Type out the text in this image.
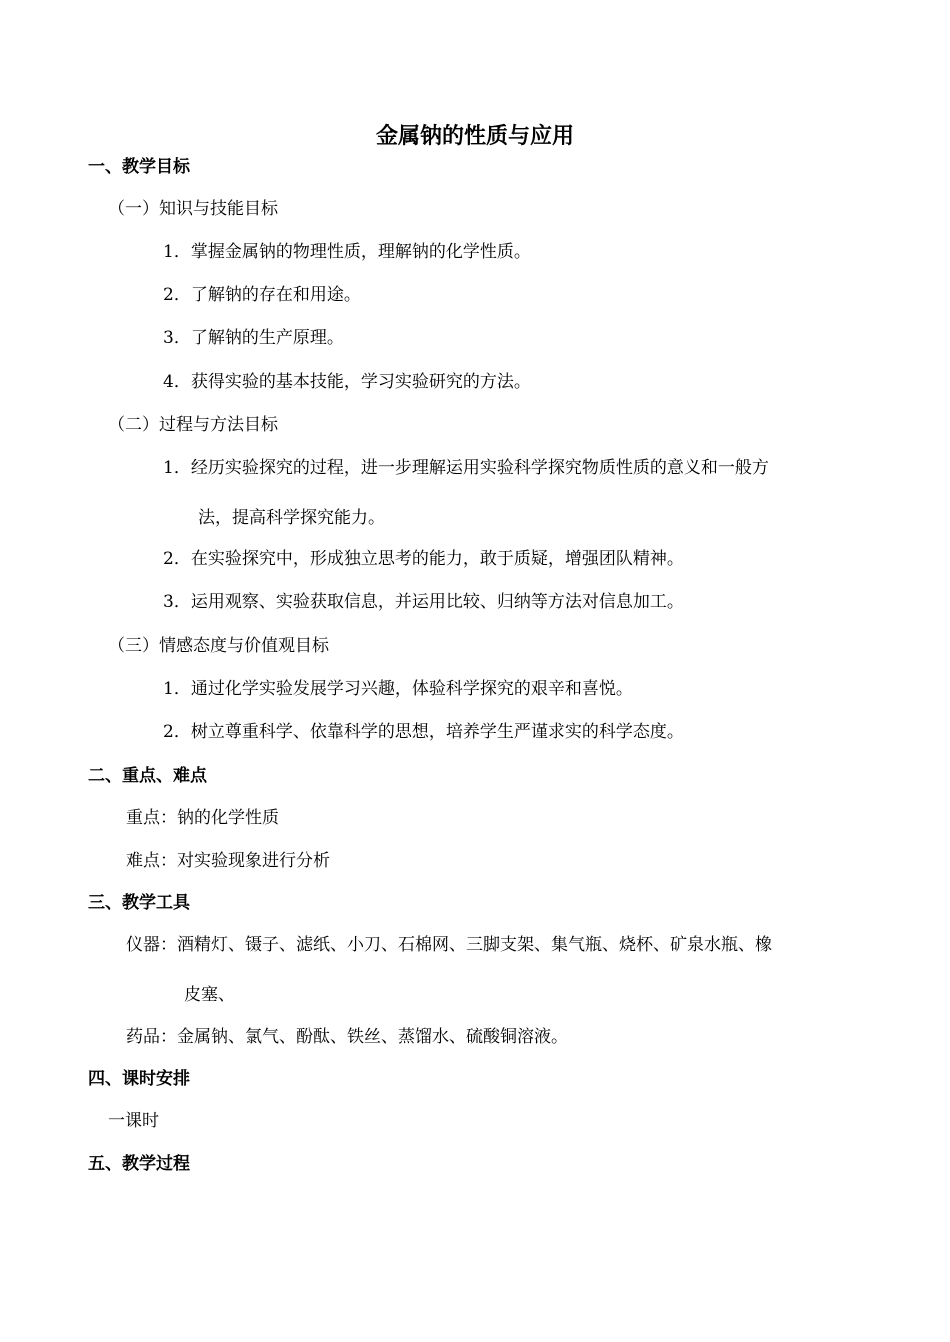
金属钠的性质与应用
一、教学目标
（一）知识与技能目标
1．掌握金属钠的物理性质，理解钠的化学性质。
2．了解钠的存在和用途。
3．了解钠的生产原理。
4．获得实验的基本技能，学习实验研究的方法。
（二）过程与方法目标
1．经历实验探究的过程，进一步理解运用实验科学探究物质性质的意义和一般方
法，提高科学探究能力。
2．在实验探究中，形成独立思考的能力，敢于质疑，增强团队精神。
3．运用观察、实验获取信息，并运用比较、归纳等方法对信息加工。
（三）情感态度与价值观目标
1．通过化学实验发展学习兴趣，体验科学探究的艰辛和喜悦。
2．树立尊重科学、依靠科学的思想，培养学生严谨求实的科学态度。
二、重点、难点
重点：钠的化学性质
难点：对实验现象进行分析
三、教学工具
仪器：酒精灯、镊子、滤纸、小刀、石棉网、三脚支架、集气瓶、烧杯、矿泉水瓶、橡
皮塞、
药品：金属钠、氯气、酚酞、铁丝、蒸馏水、硫酸铜溶液。
四、课时安排
一课时
五、教学过程
